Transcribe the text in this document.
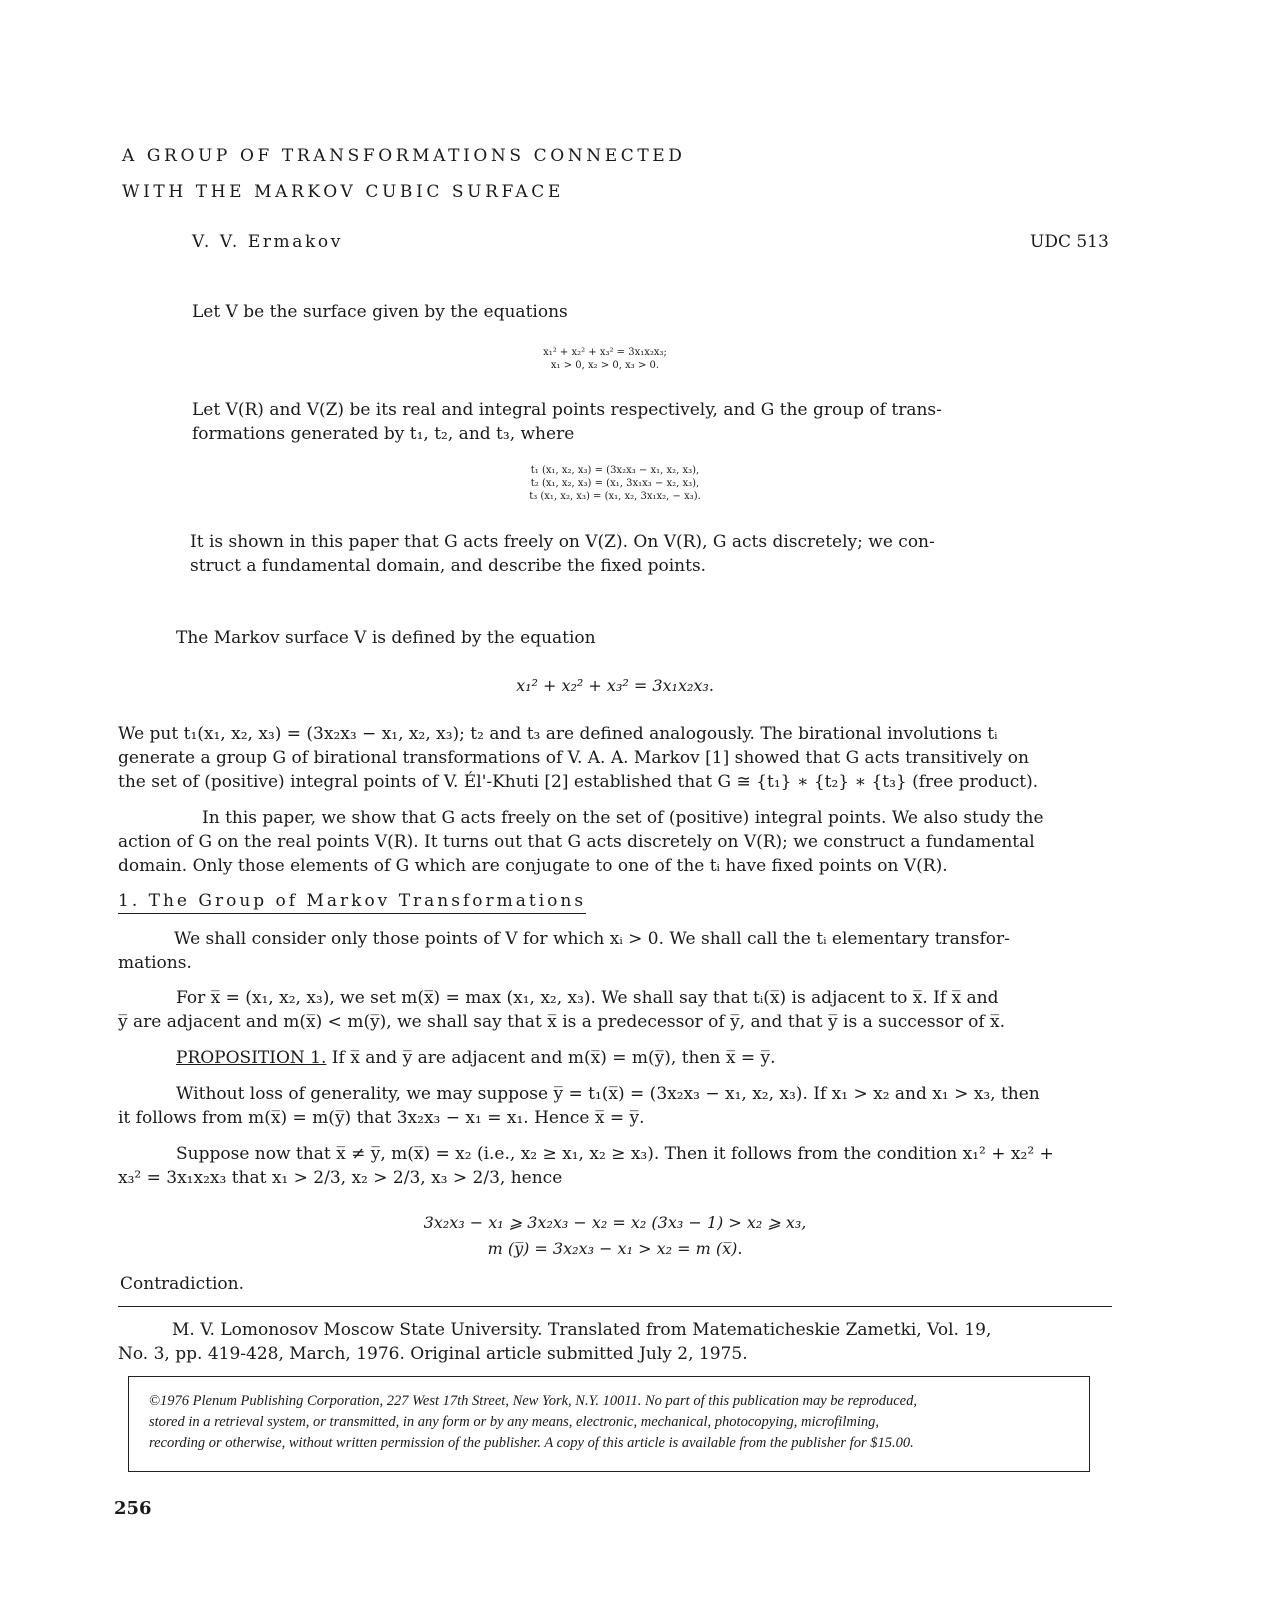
A GROUP OF TRANSFORMATIONS CONNECTED
WITH THE MARKOV CUBIC SURFACE
V. V. Ermakov	UDC 513
Let V be the surface given by the equations
x₁² + x₂² + x₃² = 3x₁x₂x₃;
x₁ > 0, x₂ > 0, x₃ > 0.
Let V(R) and V(Z) be its real and integral points respectively, and G the group of trans-
formations generated by t₁, t₂, and t₃, where
t₁ (x₁, x₂, x₃) = (3x₂x₃ − x₁, x₂, x₃),
t₂ (x₁, x₂, x₃) = (x₁, 3x₁x₃ − x₂, x₃),
t₃ (x₁, x₂, x₃) = (x₁, x₂, 3x₁x₂, − x₃).
It is shown in this paper that G acts freely on V(Z). On V(R), G acts discretely; we con-
struct a fundamental domain, and describe the fixed points.
The Markov surface V is defined by the equation
x₁² + x₂² + x₃² = 3x₁x₂x₃.
We put t₁(x₁, x₂, x₃) = (3x₂x₃ − x₁, x₂, x₃); t₂ and t₃ are defined analogously. The birational involutions tᵢ
generate a group G of birational transformations of V. A. A. Markov [1] showed that G acts transitively on
the set of (positive) integral points of V. Él'-Khuti [2] established that G ≅ {t₁} ∗ {t₂} ∗ {t₃} (free product).
In this paper, we show that G acts freely on the set of (positive) integral points. We also study the
action of G on the real points V(R). It turns out that G acts discretely on V(R); we construct a fundamental
domain. Only those elements of G which are conjugate to one of the tᵢ have fixed points on V(R).
1. The Group of Markov Transformations
We shall consider only those points of V for which xᵢ > 0. We shall call the tᵢ elementary transfor-
mations.
For x̅ = (x₁, x₂, x₃), we set m(x̅) = max (x₁, x₂, x₃). We shall say that tᵢ(x̅) is adjacent to x̅. If x̅ and
y̅ are adjacent and m(x̅) < m(y̅), we shall say that x̅ is a predecessor of y̅, and that y̅ is a successor of x̅.
PROPOSITION 1. If x̅ and y̅ are adjacent and m(x̅) = m(y̅), then x̅ = y̅.
Without loss of generality, we may suppose y̅ = t₁(x̅) = (3x₂x₃ − x₁, x₂, x₃). If x₁ > x₂ and x₁ > x₃, then
it follows from m(x̅) = m(y̅) that 3x₂x₃ − x₁ = x₁. Hence x̅ = y̅.
Suppose now that x̅ ≠ y̅, m(x̅) = x₂ (i.e., x₂ ≥ x₁, x₂ ≥ x₃). Then it follows from the condition x₁² + x₂² +
x₃² = 3x₁x₂x₃ that x₁ > 2/3, x₂ > 2/3, x₃ > 2/3, hence
3x₂x₃ − x₁ ⩾ 3x₂x₃ − x₂ = x₂ (3x₃ − 1) > x₂ ⩾ x₃,
m (y̅) = 3x₂x₃ − x₁ > x₂ = m (x̅).
Contradiction.
M. V. Lomonosov Moscow State University. Translated from Matematicheskie Zametki, Vol. 19,
No. 3, pp. 419-428, March, 1976. Original article submitted July 2, 1975.
©1976 Plenum Publishing Corporation, 227 West 17th Street, New York, N.Y. 10011. No part of this publication may be reproduced,
stored in a retrieval system, or transmitted, in any form or by any means, electronic, mechanical, photocopying, microfilming,
recording or otherwise, without written permission of the publisher. A copy of this article is available from the publisher for $15.00.
256
